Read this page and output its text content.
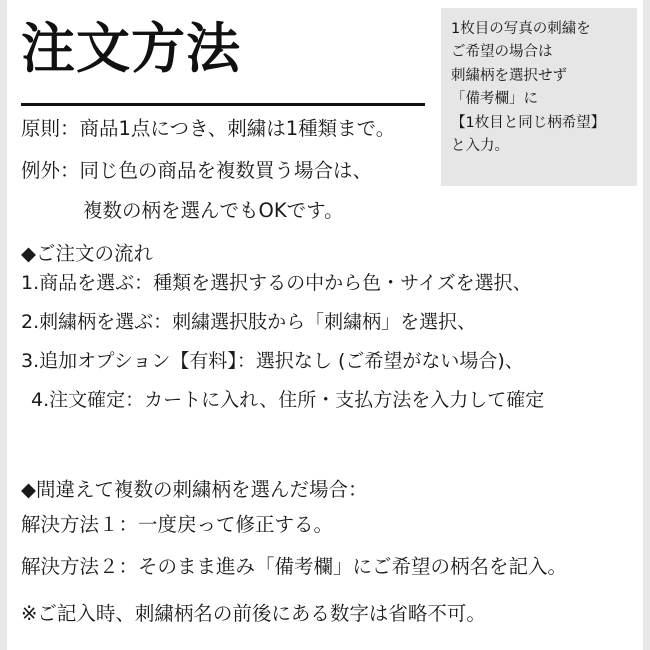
注文方法	1枚目の写真の刺繍を
ご希望の場合は
刺繍柄を選択せず
「備考欄」に
【1枚目と同じ柄希望】
と入力。
原則：商品1点につき、刺繍は1種類まで。
例外：同じ色の商品を複数買う場合は、
複数の柄を選んでもOKです。
◆ご注文の流れ
1.商品を選ぶ：種類を選択するの中から色・サイズを選択、
2.刺繍柄を選ぶ：刺繍選択肢から「刺繍柄」を選択、
3.追加オプション【有料】：選択なし (ご希望がない場合)、
4.注文確定：カートに入れ、住所・支払方法を入力して確定
◆間違えて複数の刺繍柄を選んだ場合：
解決方法１：一度戻って修正する。
解決方法２：そのまま進み「備考欄」にご希望の柄名を記入。
※ご記入時、刺繍柄名の前後にある数字は省略不可。
